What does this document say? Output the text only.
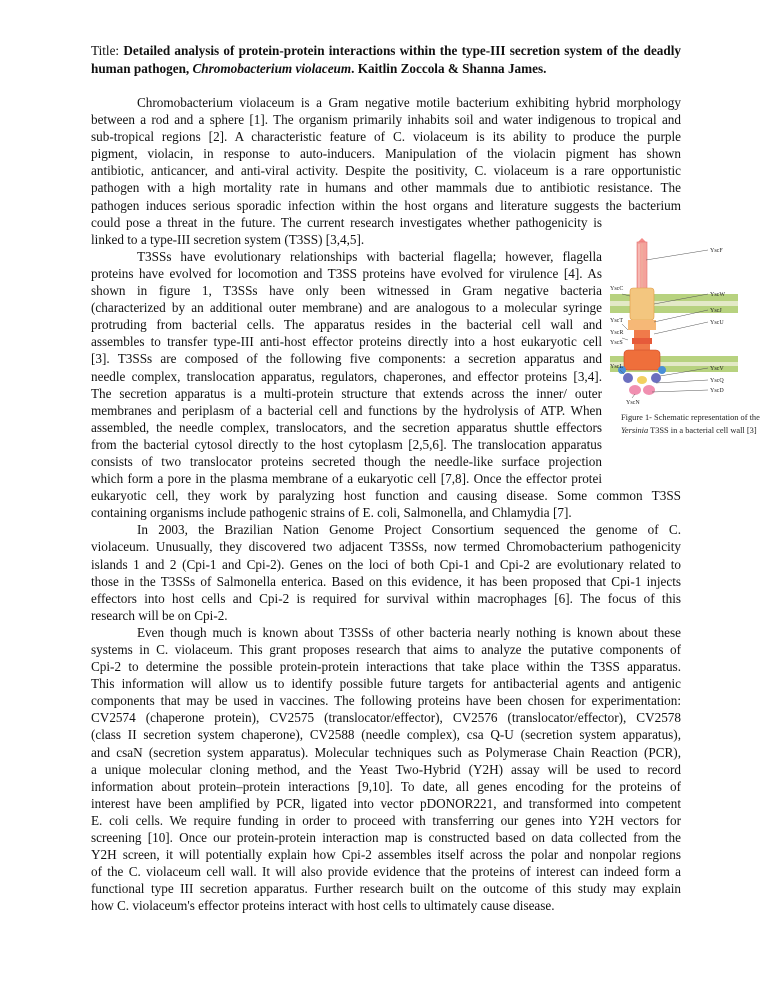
Title: Detailed analysis of protein-protein interactions within the type-III secretion system of the deadly human pathogen, Chromobacterium violaceum. Kaitlin Zoccola & Shanna James.

Chromobacterium violaceum is a Gram negative motile bacterium exhibiting hybrid morphology
between a rod and a sphere [1]. The organism primarily inhabits soil and water indigenous to tropical and
sub-tropical regions [2]. A characteristic feature of C. violaceum is its ability to produce the purple
pigment, violacin, in response to auto-inducers. Manipulation of the violacin pigment has shown
antibiotic, anticancer, and anti-viral activity. Despite the positivity, C. violaceum is a rare opportunistic
pathogen with a high mortality rate in humans and other mammals due to antibiotic resistance. The
pathogen induces serious sporadic infection within the host organs and literature suggests the bacterium
could pose a threat in the future. The current research investigates whether pathogenicity is
linked to a type-III secretion system (T3SS) [3,4,5].

T3SSs have evolutionary relationships with bacterial flagella; however, flagella
proteins have evolved for locomotion and T3SS proteins have evolved for virulence [4]. As
shown in figure 1, T3SSs have only been witnessed in Gram negative bacteria
(characterized by an additional outer membrane) and are analogous to a molecular syringe
protruding from bacterial cells. The apparatus resides in the bacterial cell wall and
assembles to transfer type-III anti-host effector proteins directly into a host eukaryotic cell
[3]. T3SSs are composed of the following five components: a secretion apparatus and
needle complex, translocation apparatus, regulators, chaperones, and effector proteins [3,4].
The secretion apparatus is a multi-protein structure that extends across the inner/ outer
membranes and periplasm of a bacterial cell and functions by the hydrolysis of ATP. When
assembled, the needle complex, translocators, and the secretion apparatus shuttle effectors
from the bacterial cytosol directly to the host cytoplasm [2,5,6]. The translocation apparatus
consists of two translocator proteins secreted though the needle-like surface projection
which form a pore in the plasma membrane of a eukaryotic cell [7,8]. Once the effector protei
eukaryotic cell, they work by paralyzing host function and causing disease. Some common T3SS
containing organisms include pathogenic strains of E. coli, Salmonella, and Chlamydia [7].

In 2003, the Brazilian Nation Genome Project Consortium sequenced the genome of C.
violaceum. Unusually, they discovered two adjacent T3SSs, now termed Chromobacterium pathogenicity
islands 1 and 2 (Cpi-1 and Cpi-2). Genes on the loci of both Cpi-1 and Cpi-2 are evolutionary related to
those in the T3SSs of Salmonella enterica. Based on this evidence, it has been proposed that Cpi-1 injects
effectors into host cells and Cpi-2 is required for survival within macrophages [6]. The focus of this
research will be on Cpi-2.

Even though much is known about T3SSs of other bacteria nearly nothing is known about these
systems in C. violaceum. This grant proposes research that aims to analyze the putative components of
Cpi-2 to determine the possible protein-protein interactions that take place within the T3SS apparatus.
This information will allow us to identify possible future targets for antibacterial agents and antigenic
components that may be used in vaccines. The following proteins have been chosen for experimentation:
CV2574 (chaperone protein), CV2575 (translocator/effector), CV2576 (translocator/effector), CV2578
(class II secretion system chaperone), CV2588 (needle complex), csa Q-U (secretion system apparatus),
and csaN (secretion system apparatus). Molecular techniques such as Polymerase Chain Reaction (PCR),
a unique molecular cloning method, and the Yeast Two-Hybrid (Y2H) assay will be used to record
information about protein–protein interactions [9,10]. To date, all genes encoding for the proteins of
interest have been amplified by PCR, ligated into vector pDONOR221, and transformed into competent
E. coli cells. We require funding in order to proceed with transferring our genes into Y2H vectors for
screening [10]. Once our protein-protein interaction map is constructed based on data collected from the
Y2H screen, it will potentially explain how Cpi-2 assembles itself across the polar and nonpolar regions
of the C. violaceum cell wall. It will also provide evidence that the proteins of interest can indeed form a
functional type III secretion apparatus. Further research built on the outcome of this study may explain
how C. violaceum's effector proteins interact with host cells to ultimately cause disease.

YscF
YscC
YscW
YscJ
YscU
YscT
YscR
YscS
YscL	YscV
YscQ
YscN
YscD
Figure 1- Schematic representation of the Yersinia T3SS in a bacterial cell wall [3]
